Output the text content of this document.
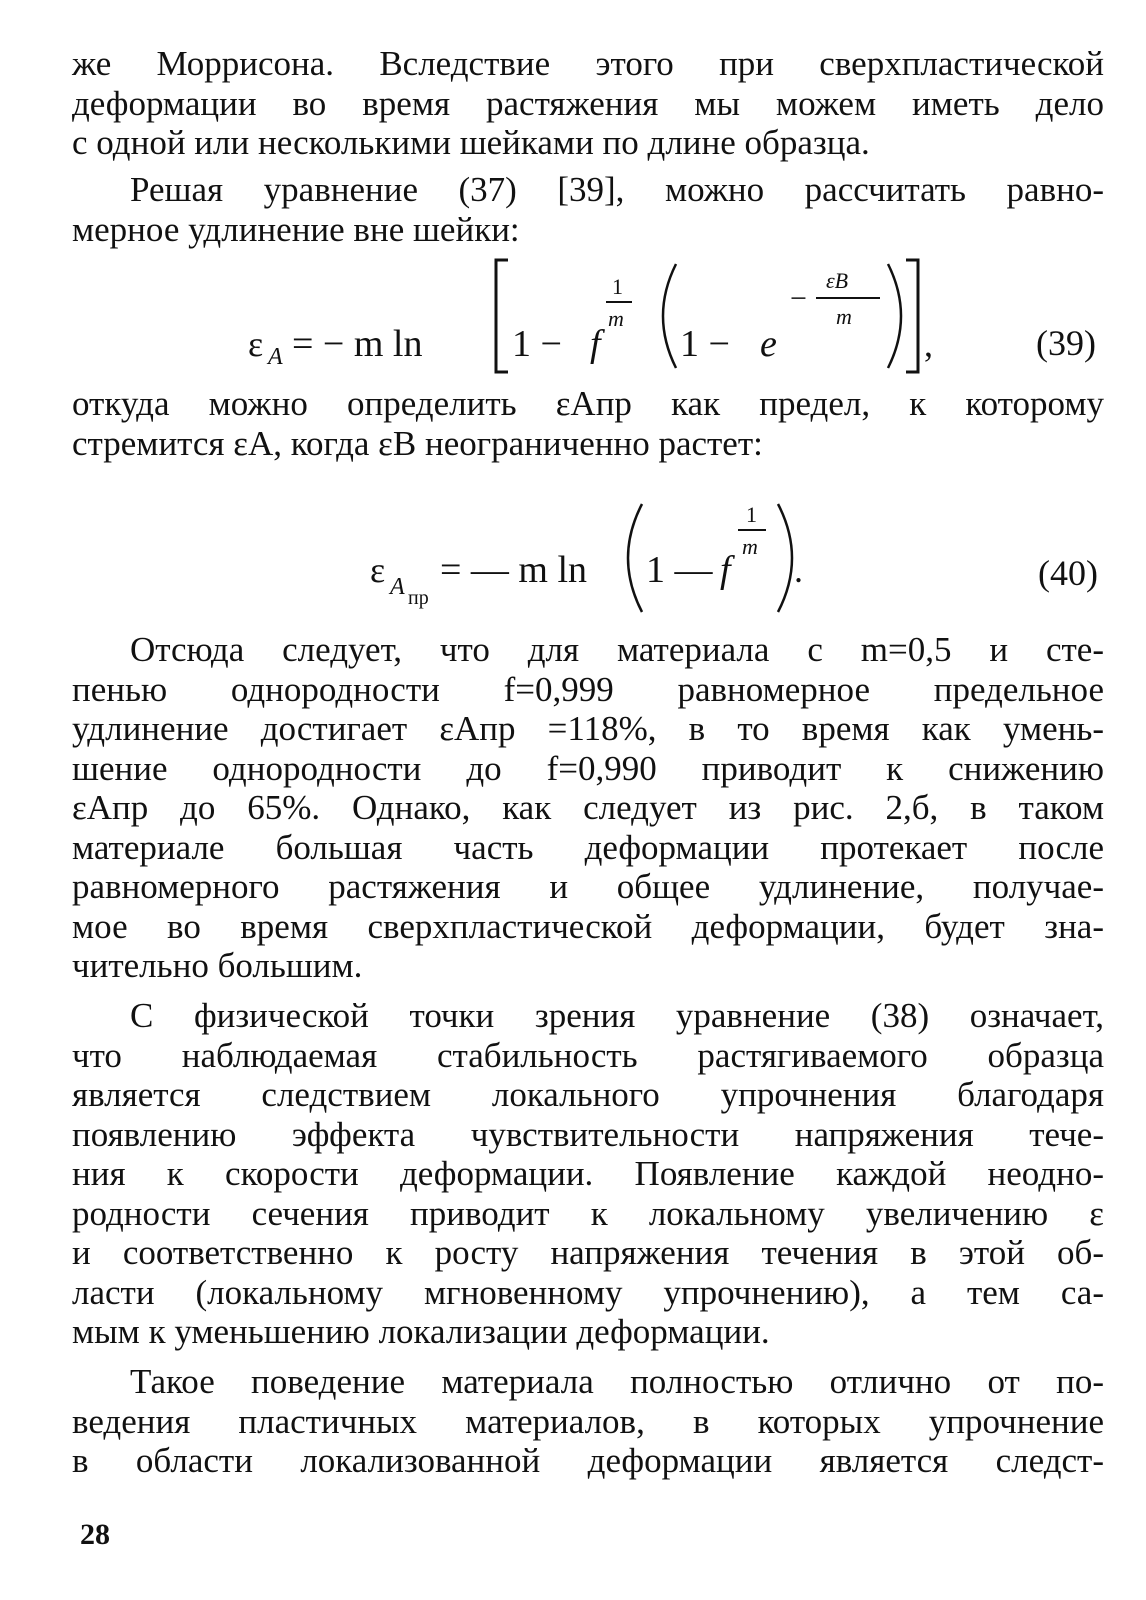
же Моррисона. Вследствие этого при сверхпластической
деформации во время растяжения мы можем иметь дело
с одной или несколькими шейками по длине образца.

Решая уравнение (37) [39], можно рассчитать равно-
мерное удлинение вне шейки:

ε A = − m ln 1 − f
1
m
1 − e
−
εB
m
,	(39)

откуда можно определить εAпр как предел, к которому
стремится εA, когда εB неограниченно растет:

ε A пр
= — m ln 1 — f
1
m
.	(40)

Отсюда следует, что для материала с m=0,5 и сте-
пенью однородности f=0,999 равномерное предельное
удлинение достигает εAпр =118%, в то время как умень-
шение однородности до f=0,990 приводит к снижению
εAпр до 65%. Однако, как следует из рис. 2,б, в таком
материале большая часть деформации протекает после
равномерного растяжения и общее удлинение, получае-
мое во время сверхпластической деформации, будет зна-
чительно большим.

С физической точки зрения уравнение (38) означает,
что наблюдаемая стабильность растягиваемого образца
является следствием локального упрочнения благодаря
появлению эффекта чувствительности напряжения тече-
ния к скорости деформации. Появление каждой неодно-
родности сечения приводит к локальному увеличению ε
и соответственно к росту напряжения течения в этой об-
ласти (локальному мгновенному упрочнению), а тем са-
мым к уменьшению локализации деформации.

Такое поведение материала полностью отлично от по-
ведения пластичных материалов, в которых упрочнение
в области локализованной деформации является следст-

28
